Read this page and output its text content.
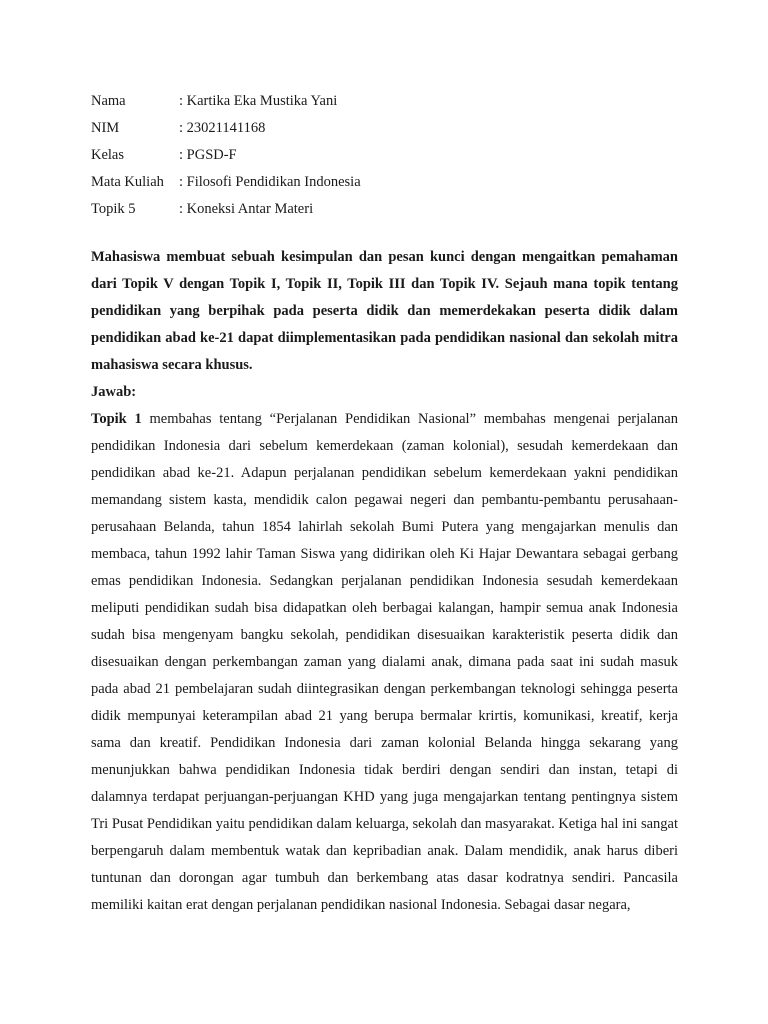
Nama	: Kartika Eka Mustika Yani
NIM	: 23021141168
Kelas	: PGSD-F
Mata Kuliah	: Filosofi Pendidikan Indonesia
Topik 5	: Koneksi Antar Materi

Mahasiswa membuat sebuah kesimpulan dan pesan kunci dengan mengaitkan pemahaman dari Topik V dengan Topik I, Topik II, Topik III dan Topik IV. Sejauh mana topik tentang pendidikan yang berpihak pada peserta didik dan memerdekakan peserta didik dalam pendidikan abad ke-21 dapat diimplementasikan pada pendidikan nasional dan sekolah mitra mahasiswa secara khusus.

Jawab:

Topik 1 membahas tentang “Perjalanan Pendidikan Nasional” membahas mengenai perjalanan pendidikan Indonesia dari sebelum kemerdekaan (zaman kolonial), sesudah kemerdekaan dan pendidikan abad ke-21. Adapun perjalanan pendidikan sebelum kemerdekaan yakni pendidikan memandang sistem kasta, mendidik calon pegawai negeri dan pembantu-pembantu perusahaan-perusahaan Belanda, tahun 1854 lahirlah sekolah Bumi Putera yang mengajarkan menulis dan membaca, tahun 1992 lahir Taman Siswa yang didirikan oleh Ki Hajar Dewantara sebagai gerbang emas pendidikan Indonesia. Sedangkan perjalanan pendidikan Indonesia sesudah kemerdekaan meliputi pendidikan sudah bisa didapatkan oleh berbagai kalangan, hampir semua anak Indonesia sudah bisa mengenyam bangku sekolah, pendidikan disesuaikan karakteristik peserta didik dan disesuaikan dengan perkembangan zaman yang dialami anak, dimana pada saat ini sudah masuk pada abad 21 pembelajaran sudah diintegrasikan dengan perkembangan teknologi sehingga peserta didik mempunyai keterampilan abad 21 yang berupa bermalar krirtis, komunikasi, kreatif, kerja sama dan kreatif. Pendidikan Indonesia dari zaman kolonial Belanda hingga sekarang yang menunjukkan bahwa pendidikan Indonesia tidak berdiri dengan sendiri dan instan, tetapi di dalamnya terdapat perjuangan-perjuangan KHD yang juga mengajarkan tentang pentingnya sistem Tri Pusat Pendidikan yaitu pendidikan dalam keluarga, sekolah dan masyarakat. Ketiga hal ini sangat berpengaruh dalam membentuk watak dan kepribadian anak. Dalam mendidik, anak harus diberi tuntunan dan dorongan agar tumbuh dan berkembang atas dasar kodratnya sendiri. Pancasila memiliki kaitan erat dengan perjalanan pendidikan nasional Indonesia. Sebagai dasar negara,
